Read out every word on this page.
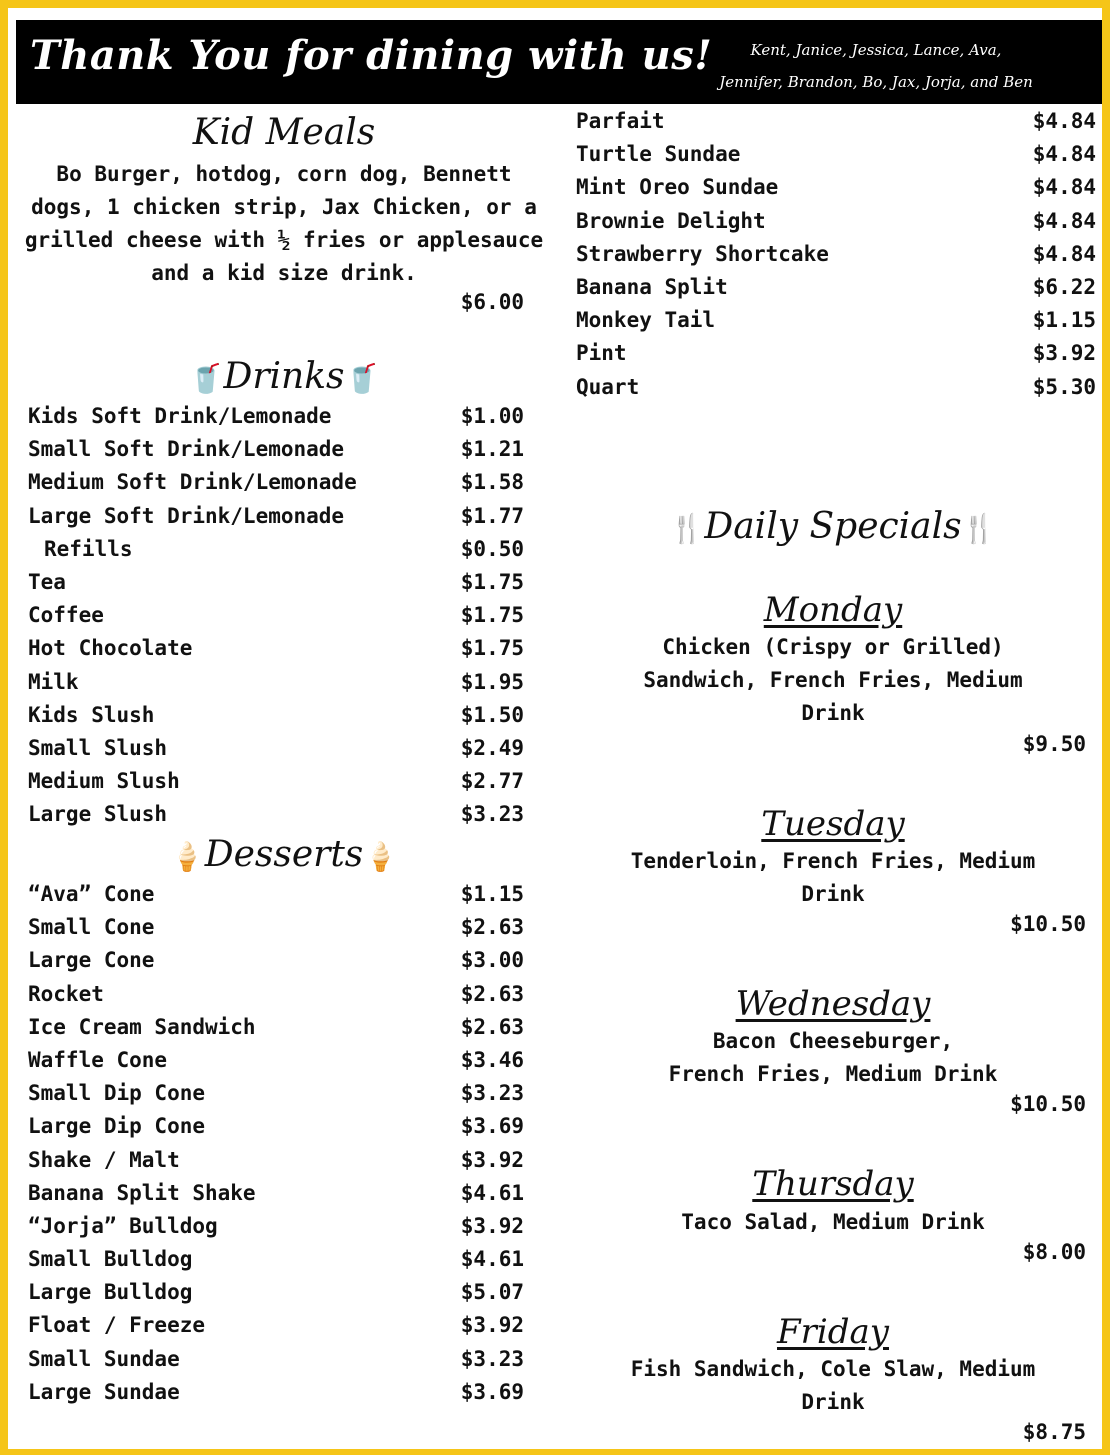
Thank You for dining with us!	Kent, Janice, Jessica, Lance, Ava,
Jennifer, Brandon, Bo, Jax, Jorja, and Ben
Kid Meals
Bo Burger, hotdog, corn dog, Bennett dogs, 1 chicken strip, Jax Chicken, or a grilled cheese with ½ fries or applesauce and a kid size drink.
$6.00
🥤Drinks🥤
Kids Soft Drink/Lemonade	$1.00
Small Soft Drink/Lemonade	$1.21
Medium Soft Drink/Lemonade	$1.58
Large Soft Drink/Lemonade	$1.77
Refills	$0.50
Tea	$1.75
Coffee	$1.75
Hot Chocolate	$1.75
Milk	$1.95
Kids Slush	$1.50
Small Slush	$2.49
Medium Slush	$2.77
Large Slush	$3.23
🍦Desserts🍦
“Ava” Cone	$1.15
Small Cone	$2.63
Large Cone	$3.00
Rocket	$2.63
Ice Cream Sandwich	$2.63
Waffle Cone	$3.46
Small Dip Cone	$3.23
Large Dip Cone	$3.69
Shake / Malt	$3.92
Banana Split Shake	$4.61
“Jorja” Bulldog	$3.92
Small Bulldog	$4.61
Large Bulldog	$5.07
Float / Freeze	$3.92
Small Sundae	$3.23
Large Sundae	$3.69
Parfait	$4.84
Turtle Sundae	$4.84
Mint Oreo Sundae	$4.84
Brownie Delight	$4.84
Strawberry Shortcake	$4.84
Banana Split	$6.22
Monkey Tail	$1.15
Pint	$3.92
Quart	$5.30
🍴Daily Specials🍴
Monday
Chicken (Crispy or Grilled)
Sandwich, French Fries, Medium
Drink
$9.50
Tuesday
Tenderloin, French Fries, Medium
Drink
$10.50
Wednesday
Bacon Cheeseburger,
French Fries, Medium Drink
$10.50
Thursday
Taco Salad, Medium Drink
$8.00
Friday
Fish Sandwich, Cole Slaw, Medium
Drink
$8.75
